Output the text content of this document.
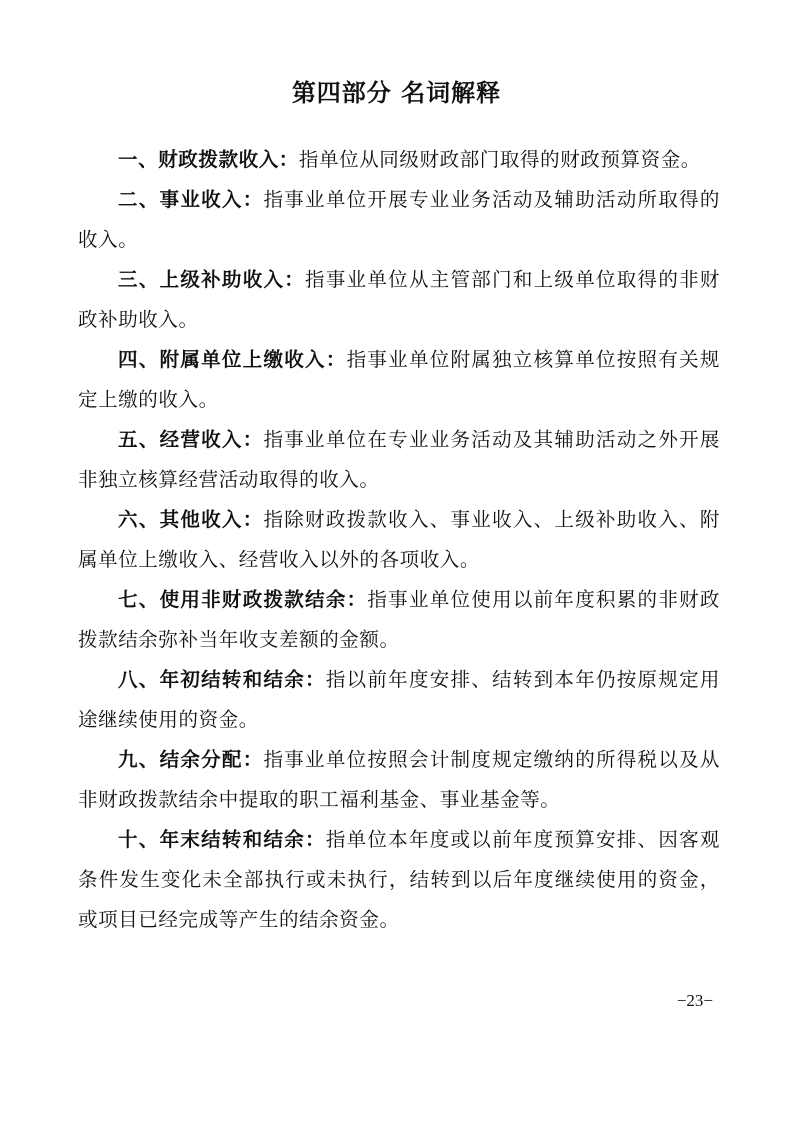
第四部分 名词解释

一、财政拨款收入：指单位从同级财政部门取得的财政预算资金。

二、事业收入：指事业单位开展专业业务活动及辅助活动所取得的收入。

三、上级补助收入：指事业单位从主管部门和上级单位取得的非财政补助收入。

四、附属单位上缴收入：指事业单位附属独立核算单位按照有关规定上缴的收入。

五、经营收入：指事业单位在专业业务活动及其辅助活动之外开展非独立核算经营活动取得的收入。

六、其他收入：指除财政拨款收入、事业收入、上级补助收入、附属单位上缴收入、经营收入以外的各项收入。

七、使用非财政拨款结余：指事业单位使用以前年度积累的非财政拨款结余弥补当年收支差额的金额。

八、年初结转和结余：指以前年度安排、结转到本年仍按原规定用途继续使用的资金。

九、结余分配：指事业单位按照会计制度规定缴纳的所得税以及从非财政拨款结余中提取的职工福利基金、事业基金等。

十、年末结转和结余：指单位本年度或以前年度预算安排、因客观条件发生变化未全部执行或未执行，结转到以后年度继续使用的资金，或项目已经完成等产生的结余资金。

−23−
